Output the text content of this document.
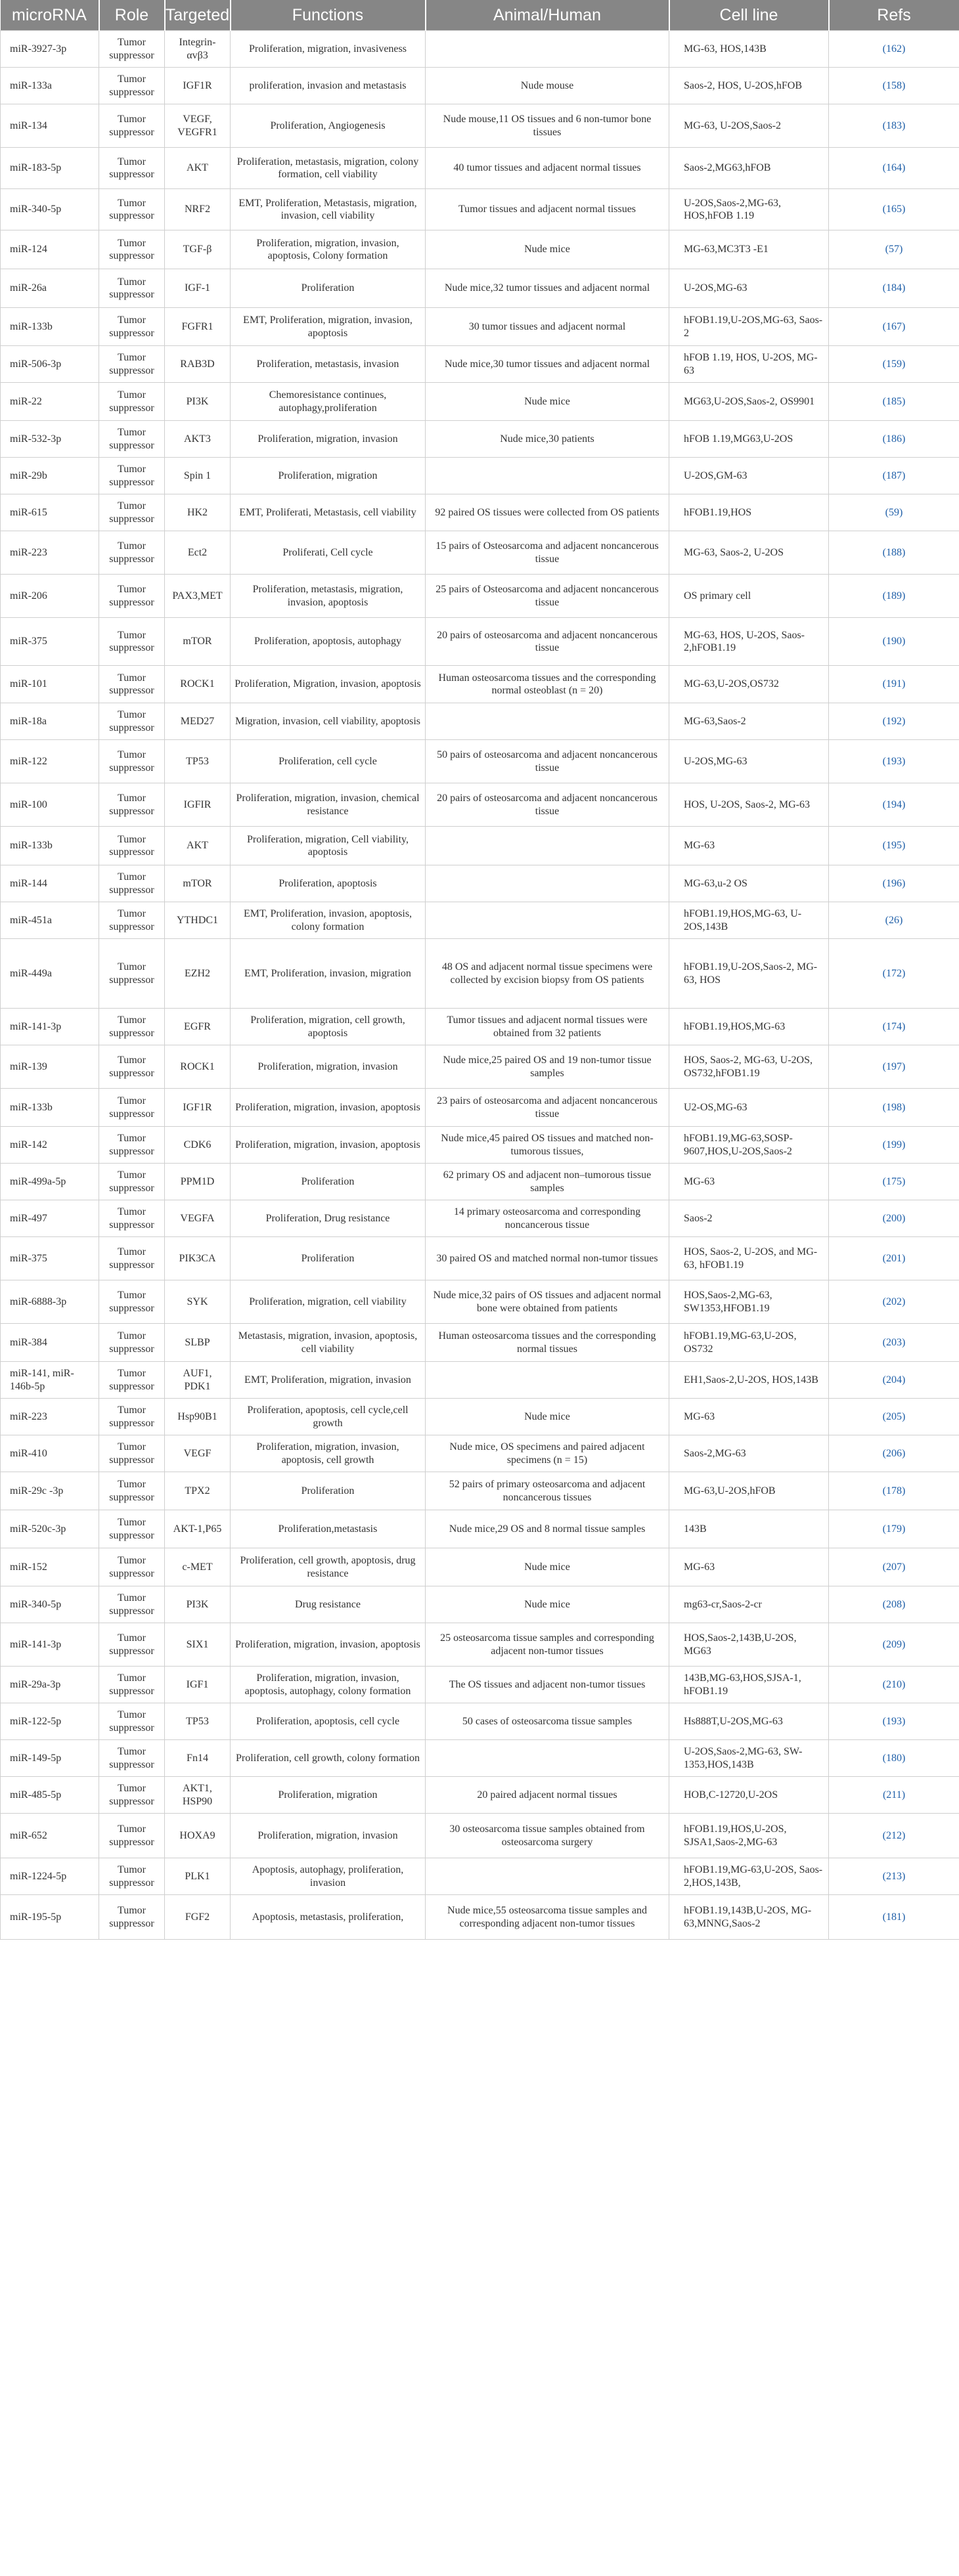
microRNA	Role	Targeted	Functions	Animal/Human	Cell line	Refs
miR-3927-3p	Tumor suppressor	Integrin-αvβ3	Proliferation, migration, invasiveness		MG-63, HOS,143B	(162)
miR-133a	Tumor suppressor	IGF1R	proliferation, invasion and metastasis	Nude mouse	Saos-2, HOS, U-2OS,hFOB	(158)
miR-134	Tumor suppressor	VEGF, VEGFR1	Proliferation, Angiogenesis	Nude mouse,11 OS tissues and 6 non-tumor bone tissues	MG-63, U-2OS,Saos-2	(183)
miR-183-5p	Tumor suppressor	AKT	Proliferation, metastasis, migration, colony formation, cell viability	40 tumor tissues and adjacent normal tissues	Saos-2,MG63,hFOB	(164)
miR-340-5p	Tumor suppressor	NRF2	EMT, Proliferation, Metastasis, migration, invasion, cell viability	Tumor tissues and adjacent normal tissues	U-2OS,Saos-2,MG-63, HOS,hFOB 1.19	(165)
miR-124	Tumor suppressor	TGF-β	Proliferation, migration, invasion, apoptosis, Colony formation	Nude mice	MG-63,MC3T3 -E1	(57)
miR-26a	Tumor suppressor	IGF-1	Proliferation	Nude mice,32 tumor tissues and adjacent normal	U-2OS,MG-63	(184)
miR-133b	Tumor suppressor	FGFR1	EMT, Proliferation, migration, invasion, apoptosis	30 tumor tissues and adjacent normal	hFOB1.19,U-2OS,MG-63, Saos-2	(167)
miR-506-3p	Tumor suppressor	RAB3D	Proliferation, metastasis, invasion	Nude mice,30 tumor tissues and adjacent normal	hFOB 1.19, HOS, U-2OS, MG-63	(159)
miR-22	Tumor suppressor	PI3K	Chemoresistance continues, autophagy,proliferation	Nude mice	MG63,U-2OS,Saos-2, OS9901	(185)
miR-532-3p	Tumor suppressor	AKT3	Proliferation, migration, invasion	Nude mice,30 patients	hFOB 1.19,MG63,U-2OS	(186)
miR-29b	Tumor suppressor	Spin 1	Proliferation, migration		U-2OS,GM-63	(187)
miR-615	Tumor suppressor	HK2	EMT, Proliferati, Metastasis, cell viability	92 paired OS tissues were collected from OS patients	hFOB1.19,HOS	(59)
miR-223	Tumor suppressor	Ect2	Proliferati, Cell cycle	15 pairs of Osteosarcoma and adjacent noncancerous tissue	MG-63, Saos-2, U-2OS	(188)
miR-206	Tumor suppressor	PAX3,MET	Proliferation, metastasis, migration, invasion, apoptosis	25 pairs of Osteosarcoma and adjacent noncancerous tissue	OS primary cell	(189)
miR-375	Tumor suppressor	mTOR	Proliferation, apoptosis, autophagy	20 pairs of osteosarcoma and adjacent noncancerous tissue	MG-63, HOS, U-2OS, Saos-2,hFOB1.19	(190)
miR-101	Tumor suppressor	ROCK1	Proliferation, Migration, invasion, apoptosis	Human osteosarcoma tissues and the corresponding normal osteoblast (n = 20)	MG-63,U-2OS,OS732	(191)
miR-18a	Tumor suppressor	MED27	Migration, invasion, cell viability, apoptosis		MG-63,Saos-2	(192)
miR-122	Tumor suppressor	TP53	Proliferation, cell cycle	50 pairs of osteosarcoma and adjacent noncancerous tissue	U-2OS,MG-63	(193)
miR-100	Tumor suppressor	IGFIR	Proliferation, migration, invasion, chemical resistance	20 pairs of osteosarcoma and adjacent noncancerous tissue	HOS, U-2OS, Saos-2, MG-63	(194)
miR-133b	Tumor suppressor	AKT	Proliferation, migration, Cell viability, apoptosis		MG-63	(195)
miR-144	Tumor suppressor	mTOR	Proliferation, apoptosis		MG-63,u-2 OS	(196)
miR-451a	Tumor suppressor	YTHDC1	EMT, Proliferation, invasion, apoptosis, colony formation		hFOB1.19,HOS,MG-63, U-2OS,143B	(26)
miR-449a	Tumor suppressor	EZH2	EMT, Proliferation, invasion, migration	48 OS and adjacent normal tissue specimens were collected by excision biopsy from OS patients	hFOB1.19,U-2OS,Saos-2, MG-63, HOS	(172)
miR-141-3p	Tumor suppressor	EGFR	Proliferation, migration, cell growth, apoptosis	Tumor tissues and adjacent normal tissues were obtained from 32 patients	hFOB1.19,HOS,MG-63	(174)
miR-139	Tumor suppressor	ROCK1	Proliferation, migration, invasion	Nude mice,25 paired OS and 19 non-tumor tissue samples	HOS, Saos-2, MG-63, U-2OS, OS732,hFOB1.19	(197)
miR-133b	Tumor suppressor	IGF1R	Proliferation, migration, invasion, apoptosis	23 pairs of osteosarcoma and adjacent noncancerous tissue	U2-OS,MG-63	(198)
miR-142	Tumor suppressor	CDK6	Proliferation, migration, invasion, apoptosis	Nude mice,45 paired OS tissues and matched non-tumorous tissues,	hFOB1.19,MG-63,SOSP-9607,HOS,U-2OS,Saos-2	(199)
miR-499a-5p	Tumor suppressor	PPM1D	Proliferation	62 primary OS and adjacent non–tumorous tissue samples	MG-63	(175)
miR-497	Tumor suppressor	VEGFA	Proliferation, Drug resistance	14 primary osteosarcoma and corresponding noncancerous tissue	Saos-2	(200)
miR-375	Tumor suppressor	PIK3CA	Proliferation	30 paired OS and matched normal non-tumor tissues	HOS, Saos-2, U-2OS, and MG-63, hFOB1.19	(201)
miR-6888-3p	Tumor suppressor	SYK	Proliferation, migration, cell viability	Nude mice,32 pairs of OS tissues and adjacent normal bone were obtained from patients	HOS,Saos-2,MG-63, SW1353,HFOB1.19	(202)
miR-384	Tumor suppressor	SLBP	Metastasis, migration, invasion, apoptosis, cell viability	Human osteosarcoma tissues and the corresponding normal tissues	hFOB1.19,MG-63,U-2OS, OS732	(203)
miR-141, miR-146b-5p	Tumor suppressor	AUF1, PDK1	EMT, Proliferation, migration, invasion		EH1,Saos-2,U-2OS, HOS,143B	(204)
miR-223	Tumor suppressor	Hsp90B1	Proliferation, apoptosis, cell cycle,cell growth	Nude mice	MG-63	(205)
miR-410	Tumor suppressor	VEGF	Proliferation, migration, invasion, apoptosis, cell growth	Nude mice, OS specimens and paired adjacent specimens (n = 15)	Saos-2,MG-63	(206)
miR-29c -3p	Tumor suppressor	TPX2	Proliferation	52 pairs of primary osteosarcoma and adjacent noncancerous tissues	MG-63,U-2OS,hFOB	(178)
miR-520c-3p	Tumor suppressor	AKT-1,P65	Proliferation,metastasis	Nude mice,29 OS and 8 normal tissue samples	143B	(179)
miR-152	Tumor suppressor	c-MET	Proliferation, cell growth, apoptosis, drug resistance	Nude mice	MG-63	(207)
miR-340-5p	Tumor suppressor	PI3K	Drug resistance	Nude mice	mg63-cr,Saos-2-cr	(208)
miR-141-3p	Tumor suppressor	SIX1	Proliferation, migration, invasion, apoptosis	25 osteosarcoma tissue samples and corresponding adjacent non-tumor tissues	HOS,Saos-2,143B,U-2OS, MG63	(209)
miR-29a-3p	Tumor suppressor	IGF1	Proliferation, migration, invasion, apoptosis, autophagy, colony formation	The OS tissues and adjacent non-tumor tissues	143B,MG-63,HOS,SJSA-1, hFOB1.19	(210)
miR-122-5p	Tumor suppressor	TP53	Proliferation, apoptosis, cell cycle	50 cases of osteosarcoma tissue samples	Hs888T,U-2OS,MG-63	(193)
miR-149-5p	Tumor suppressor	Fn14	Proliferation, cell growth, colony formation		U-2OS,Saos-2,MG-63, SW-1353,HOS,143B	(180)
miR-485-5p	Tumor suppressor	AKT1, HSP90	Proliferation, migration	20 paired adjacent normal tissues	HOB,C-12720,U-2OS	(211)
miR-652	Tumor suppressor	HOXA9	Proliferation, migration, invasion	30 osteosarcoma tissue samples obtained from osteosarcoma surgery	hFOB1.19,HOS,U-2OS, SJSA1,Saos-2,MG-63	(212)
miR-1224-5p	Tumor suppressor	PLK1	Apoptosis, autophagy, proliferation, invasion		hFOB1.19,MG-63,U-2OS, Saos-2,HOS,143B,	(213)
miR-195-5p	Tumor suppressor	FGF2	Apoptosis, metastasis, proliferation,	Nude mice,55 osteosarcoma tissue samples and corresponding adjacent non-tumor tissues	hFOB1.19,143B,U-2OS, MG-63,MNNG,Saos-2	(181)
